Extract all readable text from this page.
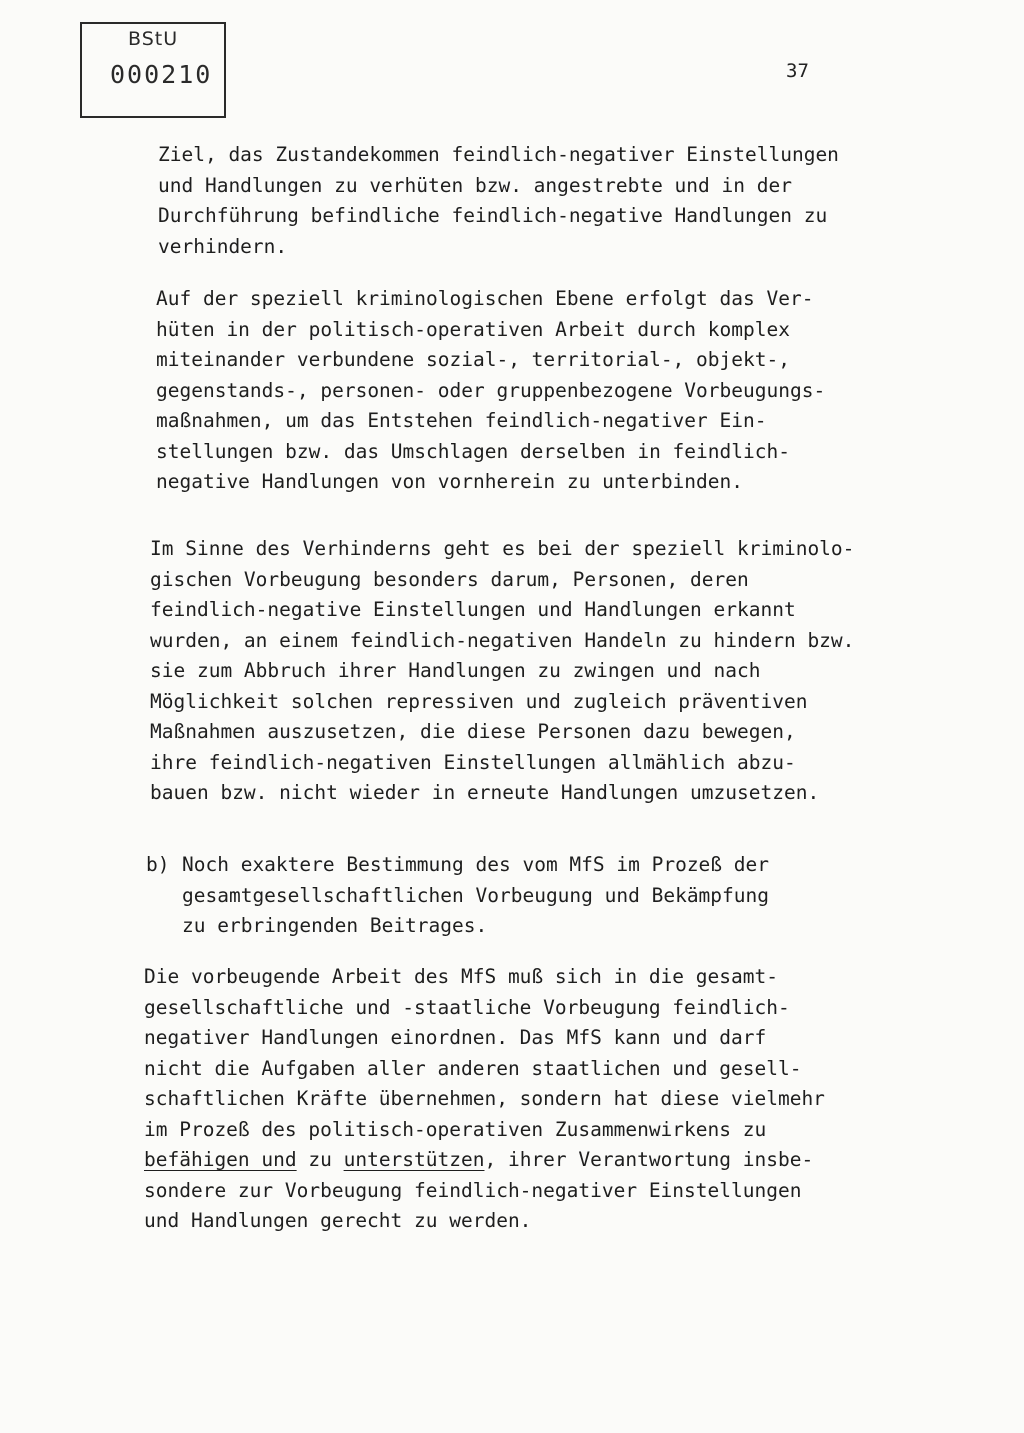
BStU
000210	37
Ziel, das Zustandekommen feindlich-negativer Einstellungen
und Handlungen zu verhüten bzw. angestrebte und in der
Durchführung befindliche feindlich-negative Handlungen zu
verhindern.
Auf der speziell kriminologischen Ebene erfolgt das Ver-
hüten in der politisch-operativen Arbeit durch komplex
miteinander verbundene sozial-, territorial-, objekt-,
gegenstands-, personen- oder gruppenbezogene Vorbeugungs-
maßnahmen, um das Entstehen feindlich-negativer Ein-
stellungen bzw. das Umschlagen derselben in feindlich-
negative Handlungen von vornherein zu unterbinden.
Im Sinne des Verhinderns geht es bei der speziell kriminolo-
gischen Vorbeugung besonders darum, Personen, deren
feindlich-negative Einstellungen und Handlungen erkannt
wurden, an einem feindlich-negativen Handeln zu hindern bzw.
sie zum Abbruch ihrer Handlungen zu zwingen und nach
Möglichkeit solchen repressiven und zugleich präventiven
Maßnahmen auszusetzen, die diese Personen dazu bewegen,
ihre feindlich-negativen Einstellungen allmählich abzu-
bauen bzw. nicht wieder in erneute Handlungen umzusetzen.
b) Noch exaktere Bestimmung des vom MfS im Prozeß der
gesamtgesellschaftlichen Vorbeugung und Bekämpfung
zu erbringenden Beitrages.
Die vorbeugende Arbeit des MfS muß sich in die gesamt-
gesellschaftliche und -staatliche Vorbeugung feindlich-
negativer Handlungen einordnen. Das MfS kann und darf
nicht die Aufgaben aller anderen staatlichen und gesell-
schaftlichen Kräfte übernehmen, sondern hat diese vielmehr
im Prozeß des politisch-operativen Zusammenwirkens zu
befähigen und zu unterstützen, ihrer Verantwortung insbe-
sondere zur Vorbeugung feindlich-negativer Einstellungen
und Handlungen gerecht zu werden.
